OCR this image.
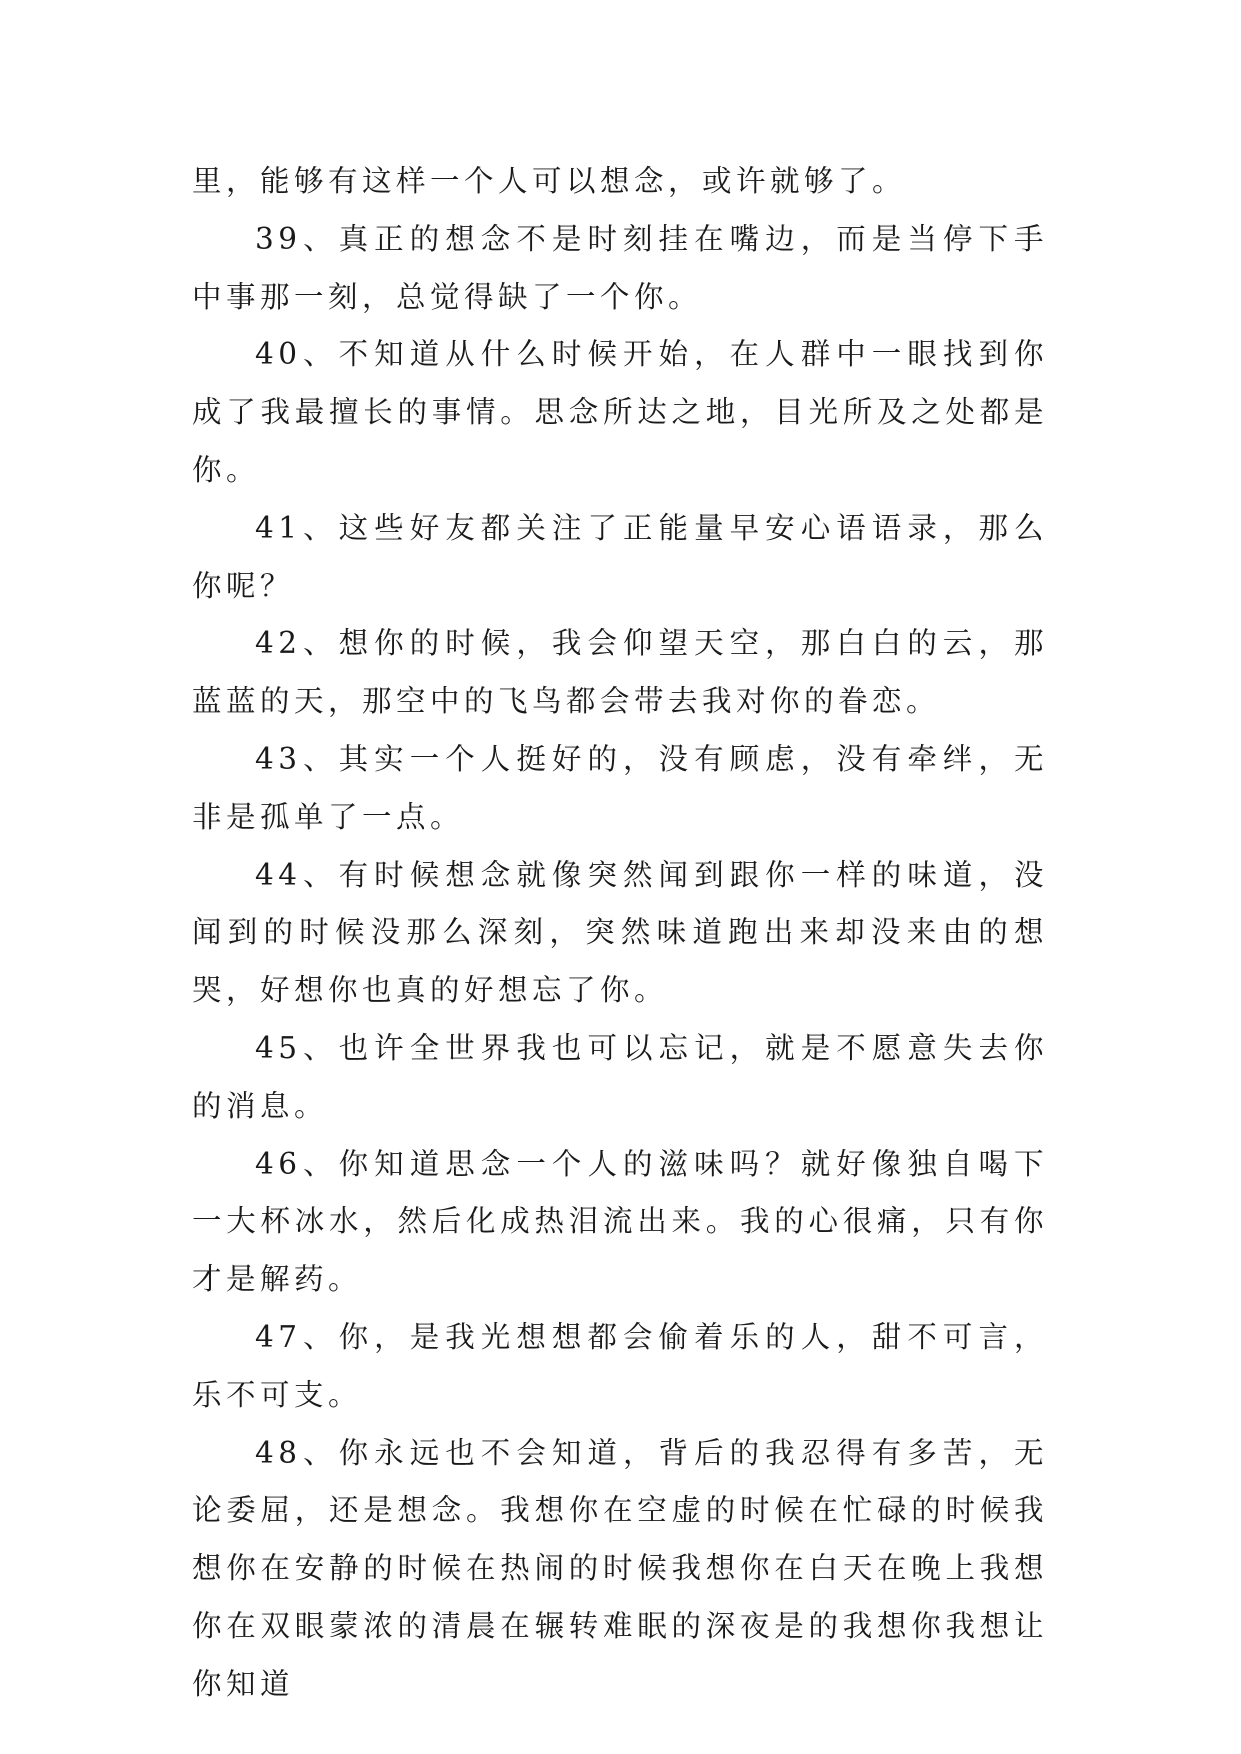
里，能够有这样一个人可以想念，或许就够了。

39、真正的想念不是时刻挂在嘴边，而是当停下手中事那一刻，总觉得缺了一个你。

40、不知道从什么时候开始，在人群中一眼找到你成了我最擅长的事情。思念所达之地，目光所及之处都是你。

41、这些好友都关注了正能量早安心语语录，那么你呢？

42、想你的时候，我会仰望天空，那白白的云，那蓝蓝的天，那空中的飞鸟都会带去我对你的眷恋。

43、其实一个人挺好的，没有顾虑，没有牵绊，无非是孤单了一点。

44、有时候想念就像突然闻到跟你一样的味道，没闻到的时候没那么深刻，突然味道跑出来却没来由的想哭，好想你也真的好想忘了你。

45、也许全世界我也可以忘记，就是不愿意失去你的消息。

46、你知道思念一个人的滋味吗？就好像独自喝下一大杯冰水，然后化成热泪流出来。我的心很痛，只有你才是解药。

47、你，是我光想想都会偷着乐的人，甜不可言，乐不可支。

48、你永远也不会知道，背后的我忍得有多苦，无论委屈，还是想念。我想你在空虚的时候在忙碌的时候我想你在安静的时候在热闹的时候我想你在白天在晚上我想你在双眼蒙浓的清晨在辗转难眠的深夜是的我想你我想让你知道
